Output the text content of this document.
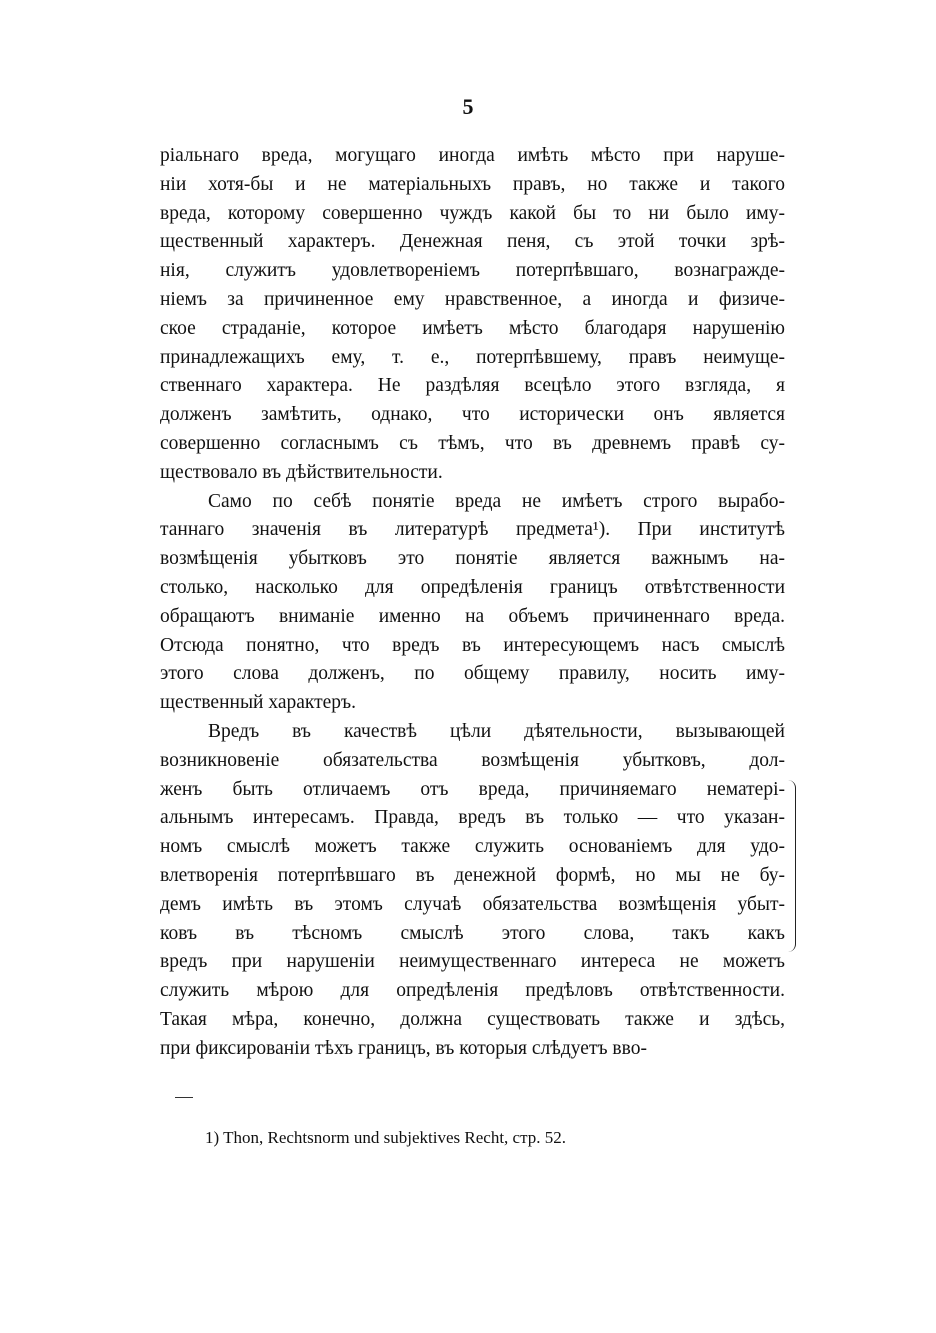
5

ріальнаго вреда, могущаго иногда имѣть мѣсто при наруше-
ніи хотя-бы и не матеріальныхъ правъ, но также и такого
вреда, которому совершенно чуждъ какой бы то ни было иму-
щественный характеръ. Денежная пеня, съ этой точки зрѣ-
нія, служитъ удовлетвореніемъ потерпѣвшаго, вознагражде-
ніемъ за причиненное ему нравственное, а иногда и физиче-
ское страданіе, которое имѣетъ мѣсто благодаря нарушенію
принадлежащихъ ему, т. е., потерпѣвшему, правъ неимуще-
ственнаго характера. Не раздѣляя всецѣло этого взгляда, я
долженъ замѣтить, однако, что исторически онъ является
совершенно согласнымъ съ тѣмъ, что въ древнемъ правѣ су-
ществовало въ дѣйствительности.

Само по себѣ понятіе вреда не имѣетъ строго вырабо-
таннаго значенія въ литературѣ предмета¹). При институтѣ
возмѣщенія убытковъ это понятіе является важнымъ на-
столько, насколько для опредѣленія границъ отвѣтственности
обращаютъ вниманіе именно на объемъ причиненнаго вреда.
Отсюда понятно, что вредъ въ интересующемъ насъ смыслѣ
этого слова долженъ, по общему правилу, носить иму-
щественный характеръ.

Вредъ въ качествѣ цѣли дѣятельности, вызывающей
возникновеніе обязательства возмѣщенія убытковъ, дол-
женъ быть отличаемъ отъ вреда, причиняемаго нематері-
альнымъ интересамъ. Правда, вредъ въ только — что указан-
номъ смыслѣ можетъ также служить основаніемъ для удо-
влетворенія потерпѣвшаго въ денежной формѣ, но мы не бу-
демъ имѣть въ этомъ случаѣ обязательства возмѣщенія убыт-
ковъ въ тѣсномъ смыслѣ этого слова, такъ какъ
вредъ при нарушеніи неимущественнаго интереса не можетъ
служить мѣрою для опредѣленія предѣловъ отвѣтственности.
Такая мѣра, конечно, должна существовать также и здѣсь,
при фиксированіи тѣхъ границъ, въ которыя слѣдуетъ вво-

1) Thon, Rechtsnorm und subjektives Recht, стр. 52.
